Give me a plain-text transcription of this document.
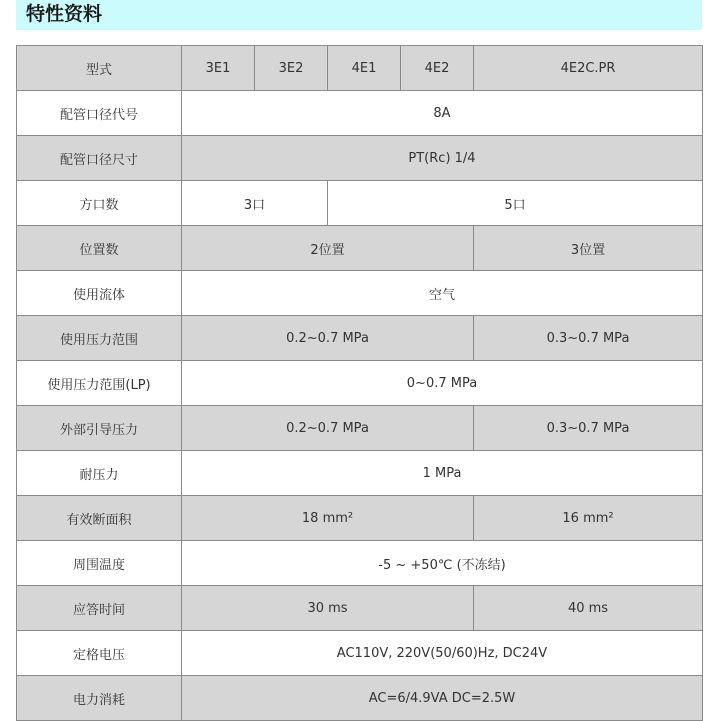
特性资料
型式	3E1	3E2	4E1	4E2	4E2C.PR
配管口径代号	8A				
配管口径尺寸	PT(Rc) 1/4				
方口数	3口		5口		
位置数	2位置				3位置
使用流体	空气				
使用压力范围	0.2~0.7 MPa				0.3~0.7 MPa
使用压力范围(LP)	0~0.7 MPa				
外部引导压力	0.2~0.7 MPa				0.3~0.7 MPa
耐压力	1 MPa				
有效断面积	18 mm²				16 mm²
周围温度	-5 ~ +50℃ (不冻结)				
应答时间	30 ms				40 ms
定格电压	AC110V, 220V(50/60)Hz, DC24V				
电力消耗	AC=6/4.9VA DC=2.5W				
